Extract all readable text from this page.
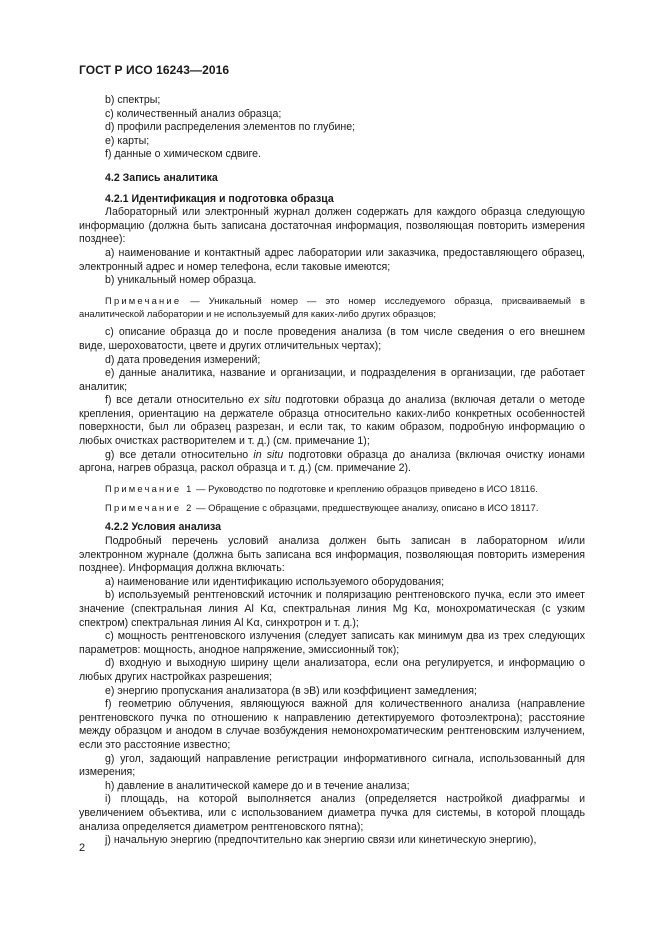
ГОСТ Р ИСО 16243—2016

b) спектры;

c) количественный анализ образца;

d) профили распределения элементов по глубине;

e) карты;

f) данные о химическом сдвиге.

4.2 Запись аналитика

4.2.1 Идентификация и подготовка образца

Лабораторный или электронный журнал должен содержать для каждого образца следующую информацию (должна быть записана достаточная информация, позволяющая повторить измерения позднее):

а) наименование и контактный адрес лаборатории или заказчика, предоставляющего образец, электронный адрес и номер телефона, если таковые имеются;

b) уникальный номер образца.

Примечание — Уникальный номер — это номер исследуемого образца, присваиваемый в аналитической лаборатории и не используемый для каких-либо других образцов;

с) описание образца до и после проведения анализа (в том числе сведения о его внешнем виде, шероховатости, цвете и других отличительных чертах);

d) дата проведения измерений;

е) данные аналитика, название и организации, и подразделения в организации, где работает аналитик;

f) все детали относительно ex situ подготовки образца до анализа (включая детали о методе крепления, ориентацию на держателе образца относительно каких-либо конкретных особенностей поверхности, был ли образец разрезан, и если так, то каким образом, подробную информацию о любых очистках растворителем и т. д.) (см. примечание 1);

g) все детали относительно in situ подготовки образца до анализа (включая очистку ионами аргона, нагрев образца, раскол образца и т. д.) (см. примечание 2).

Примечание 1 — Руководство по подготовке и креплению образцов приведено в ИСО 18116.

Примечание 2 — Обращение с образцами, предшествующее анализу, описано в ИСО 18117.

4.2.2 Условия анализа

Подробный перечень условий анализа должен быть записан в лабораторном и/или электронном журнале (должна быть записана вся информация, позволяющая повторить измерения позднее). Информация должна включать:

а) наименование или идентификацию используемого оборудования;

b) используемый рентгеновский источник и поляризацию рентгеновского пучка, если это имеет значение (спектральная линия Al Kα, спектральная линия Mg Kα, монохроматическая (с узким спектром) спектральная линия Al Kα, синхротрон и т. д.);

с) мощность рентгеновского излучения (следует записать как минимум два из трех следующих параметров: мощность, анодное напряжение, эмиссионный ток);

d) входную и выходную ширину щели анализатора, если она регулируется, и информацию о любых других настройках разрешения;

е) энергию пропускания анализатора (в эВ) или коэффициент замедления;

f) геометрию облучения, являющуюся важной для количественного анализа (направление рентгеновского пучка по отношению к направлению детектируемого фотоэлектрона); расстояние между образцом и анодом в случае возбуждения немонохроматическим рентгеновским излучением, если это расстояние известно;

g) угол, задающий направление регистрации информативного сигнала, использованный для измерения;

h) давление в аналитической камере до и в течение анализа;

i) площадь, на которой выполняется анализ (определяется настройкой диафрагмы и увеличением объектива, или с использованием диаметра пучка для системы, в которой площадь анализа определяется диаметром рентгеновского пятна);

j) начальную энергию (предпочтительно как энергию связи или кинетическую энергию),

2
